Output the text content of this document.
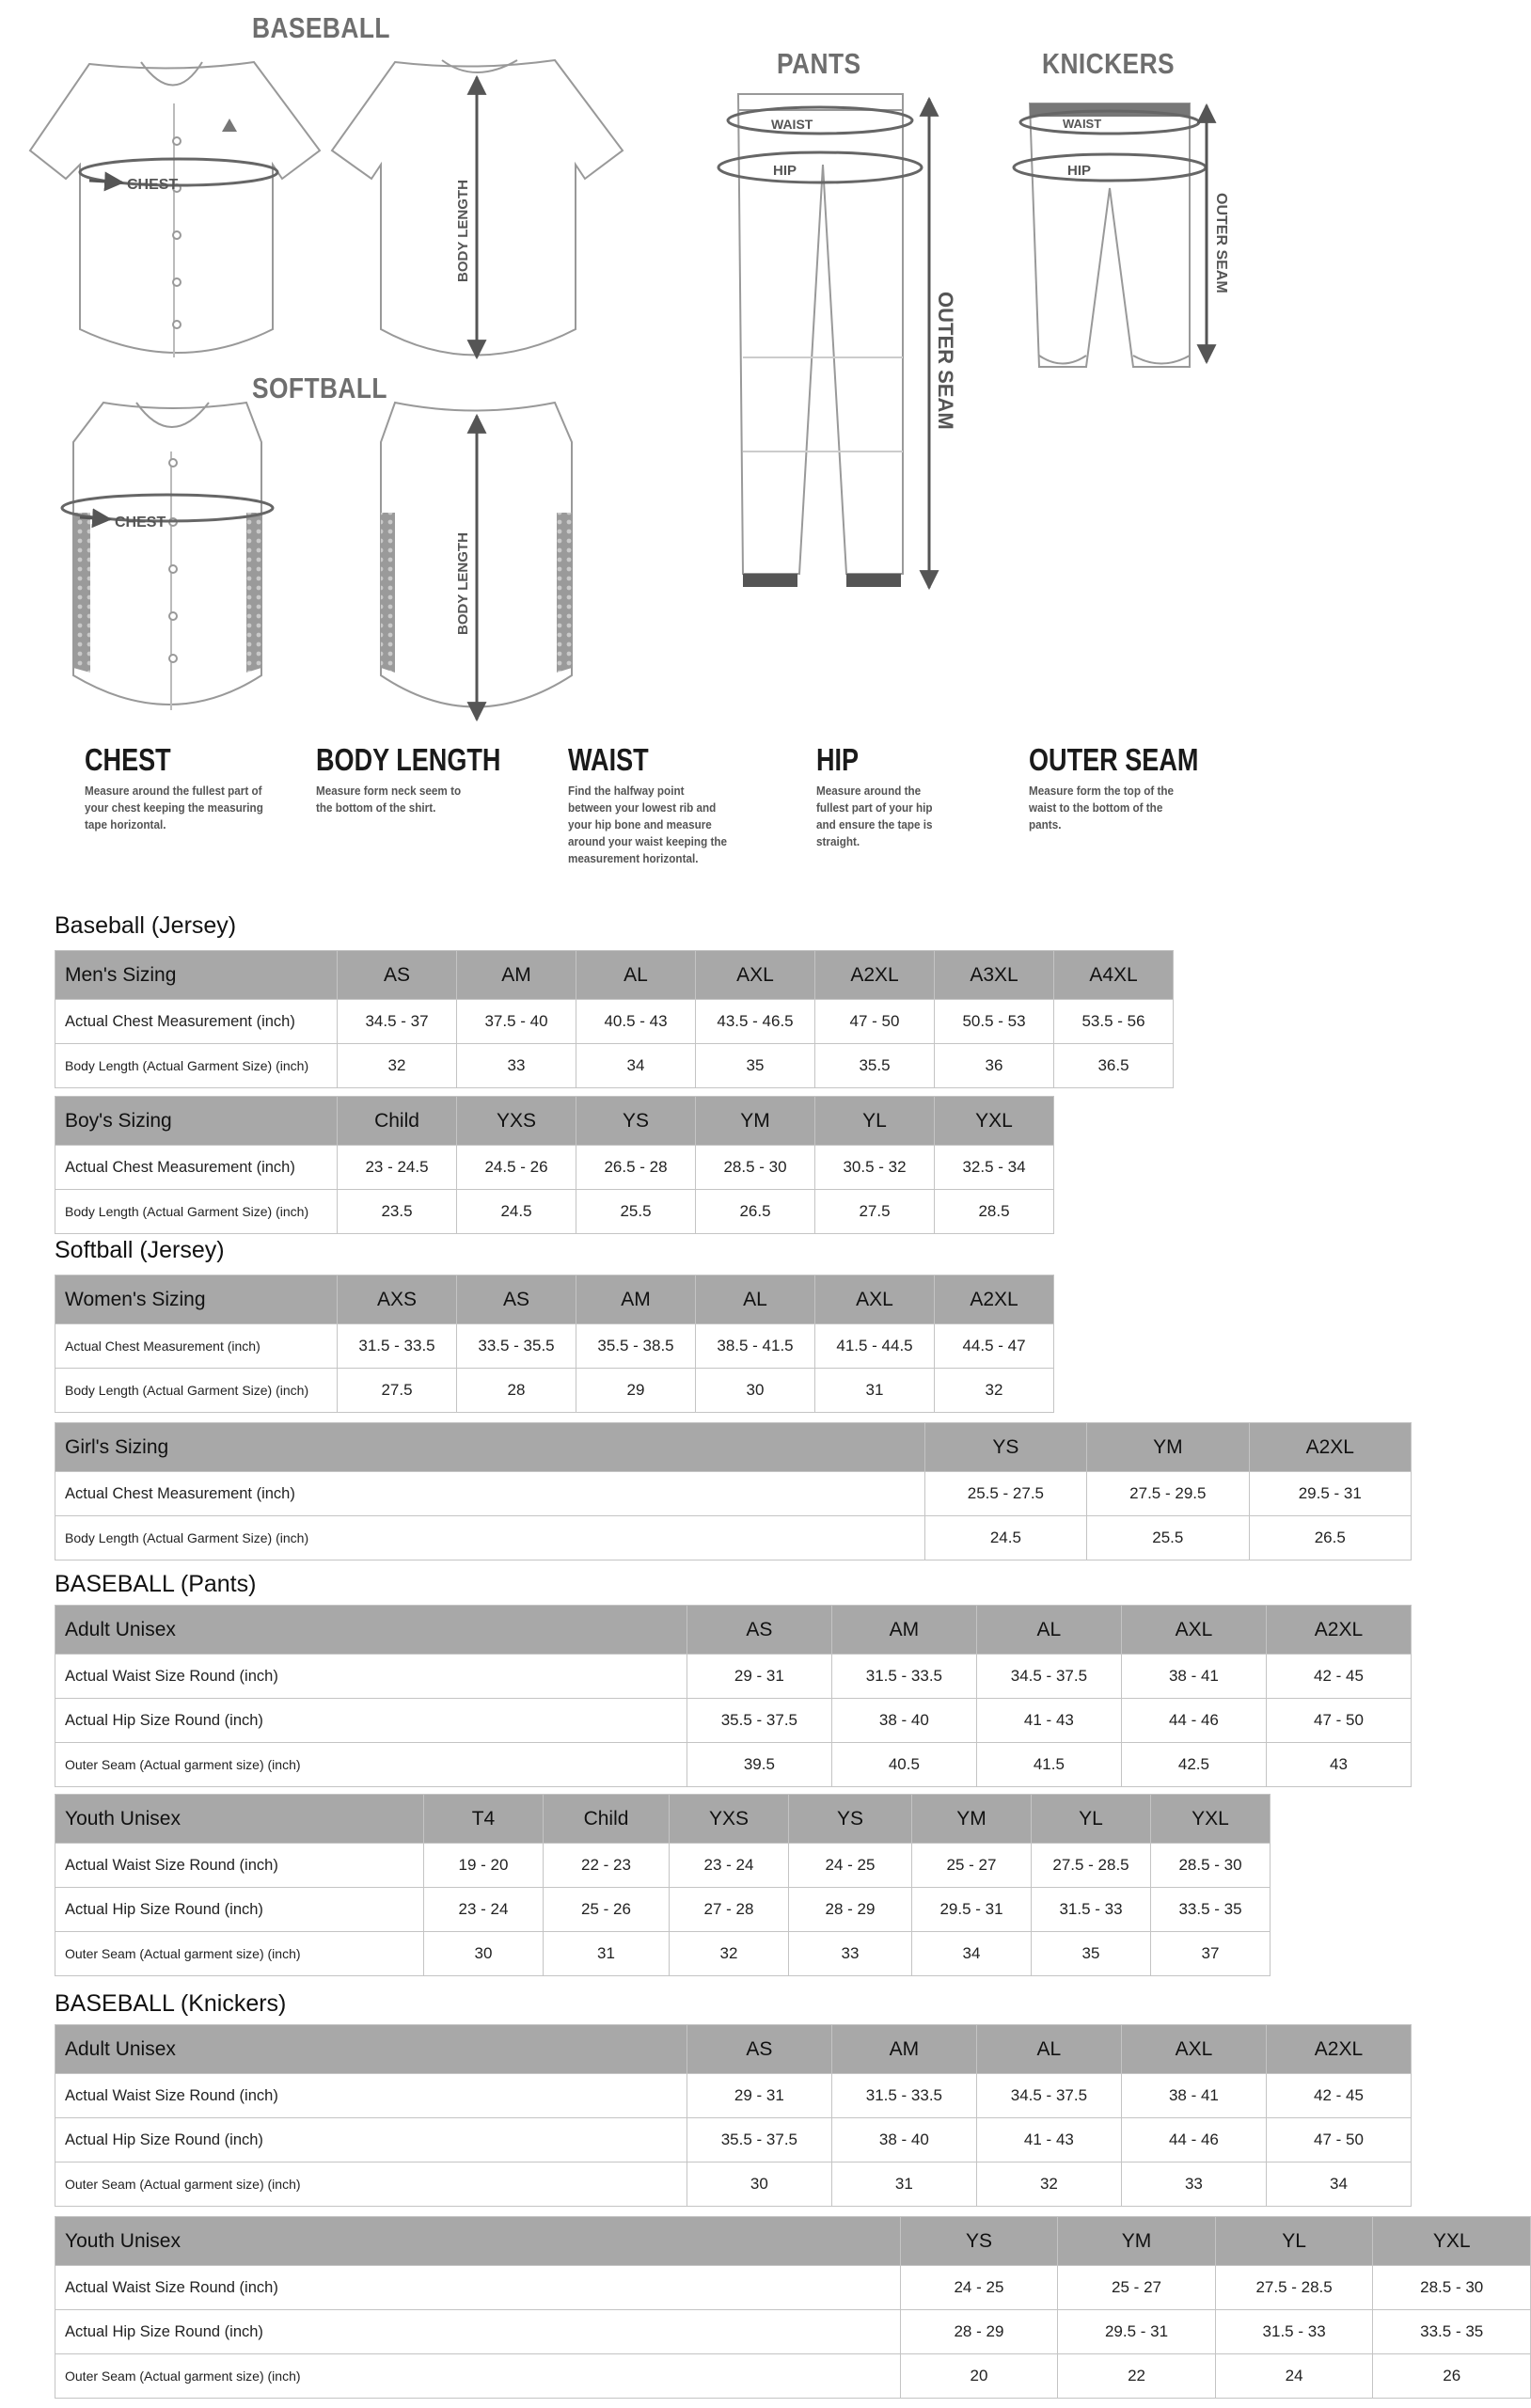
CHEST	BODY LENGTH
CHEST
BODY LENGTH
WAIST
HIP
OUTER SEAM
WAIST
HIP
OUTER SEAM
BASEBALL
SOFTBALL
PANTS	KNICKERS
CHEST

Measure around the fullest part of your chest keeping the measuring tape horizontal.

BODY LENGTH

Measure form neck seem to the bottom of the shirt.

WAIST

Find the halfway point between your lowest rib and your hip bone and measure around your waist keeping the measurement horizontal.

HIP

Measure around the fullest part of your hip and ensure the tape is straight.

OUTER SEAM

Measure form the top of the waist to the bottom of the pants.

Baseball (Jersey)
Men's Sizing	AS	AM	AL	AXL	A2XL	A3XL	A4XL
Actual Chest Measurement (inch)	34.5 - 37	37.5 - 40	40.5 - 43	43.5 - 46.5	47 - 50	50.5 - 53	53.5 - 56
Body Length (Actual Garment Size) (inch)	32	33	34	35	35.5	36	36.5
Boy's Sizing	Child	YXS	YS	YM	YL	YXL
Actual Chest Measurement (inch)	23 - 24.5	24.5 - 26	26.5 - 28	28.5 - 30	30.5 - 32	32.5 - 34
Body Length (Actual Garment Size) (inch)	23.5	24.5	25.5	26.5	27.5	28.5
Softball (Jersey)
Women's Sizing	AXS	AS	AM	AL	AXL	A2XL
Actual Chest Measurement (inch)	31.5 - 33.5	33.5 - 35.5	35.5 - 38.5	38.5 - 41.5	41.5 - 44.5	44.5 - 47
Body Length (Actual Garment Size) (inch)	27.5	28	29	30	31	32
Girl's Sizing	YS	YM	A2XL
Actual Chest Measurement (inch)	25.5 - 27.5	27.5 - 29.5	29.5 - 31
Body Length (Actual Garment Size) (inch)	24.5	25.5	26.5
BASEBALL (Pants)
Adult Unisex	AS	AM	AL	AXL	A2XL
Actual Waist Size Round (inch)	29 - 31	31.5 - 33.5	34.5 - 37.5	38 - 41	42 - 45
Actual Hip Size Round (inch)	35.5 - 37.5	38 - 40	41 - 43	44 - 46	47 - 50
Outer Seam (Actual garment size) (inch)	39.5	40.5	41.5	42.5	43
Youth Unisex	T4	Child	YXS	YS	YM	YL	YXL
Actual Waist Size Round (inch)	19 - 20	22 - 23	23 - 24	24 - 25	25 - 27	27.5 - 28.5	28.5 - 30
Actual Hip Size Round (inch)	23 - 24	25 - 26	27 - 28	28 - 29	29.5 - 31	31.5 - 33	33.5 - 35
Outer Seam (Actual garment size) (inch)	30	31	32	33	34	35	37
BASEBALL (Knickers)
Adult Unisex	AS	AM	AL	AXL	A2XL
Actual Waist Size Round (inch)	29 - 31	31.5 - 33.5	34.5 - 37.5	38 - 41	42 - 45
Actual Hip Size Round (inch)	35.5 - 37.5	38 - 40	41 - 43	44 - 46	47 - 50
Outer Seam (Actual garment size) (inch)	30	31	32	33	34
Youth Unisex	YS	YM	YL	YXL
Actual Waist Size Round (inch)	24 - 25	25 - 27	27.5 - 28.5	28.5 - 30
Actual Hip Size Round (inch)	28 - 29	29.5 - 31	31.5 - 33	33.5 - 35
Outer Seam (Actual garment size) (inch)	20	22	24	26
